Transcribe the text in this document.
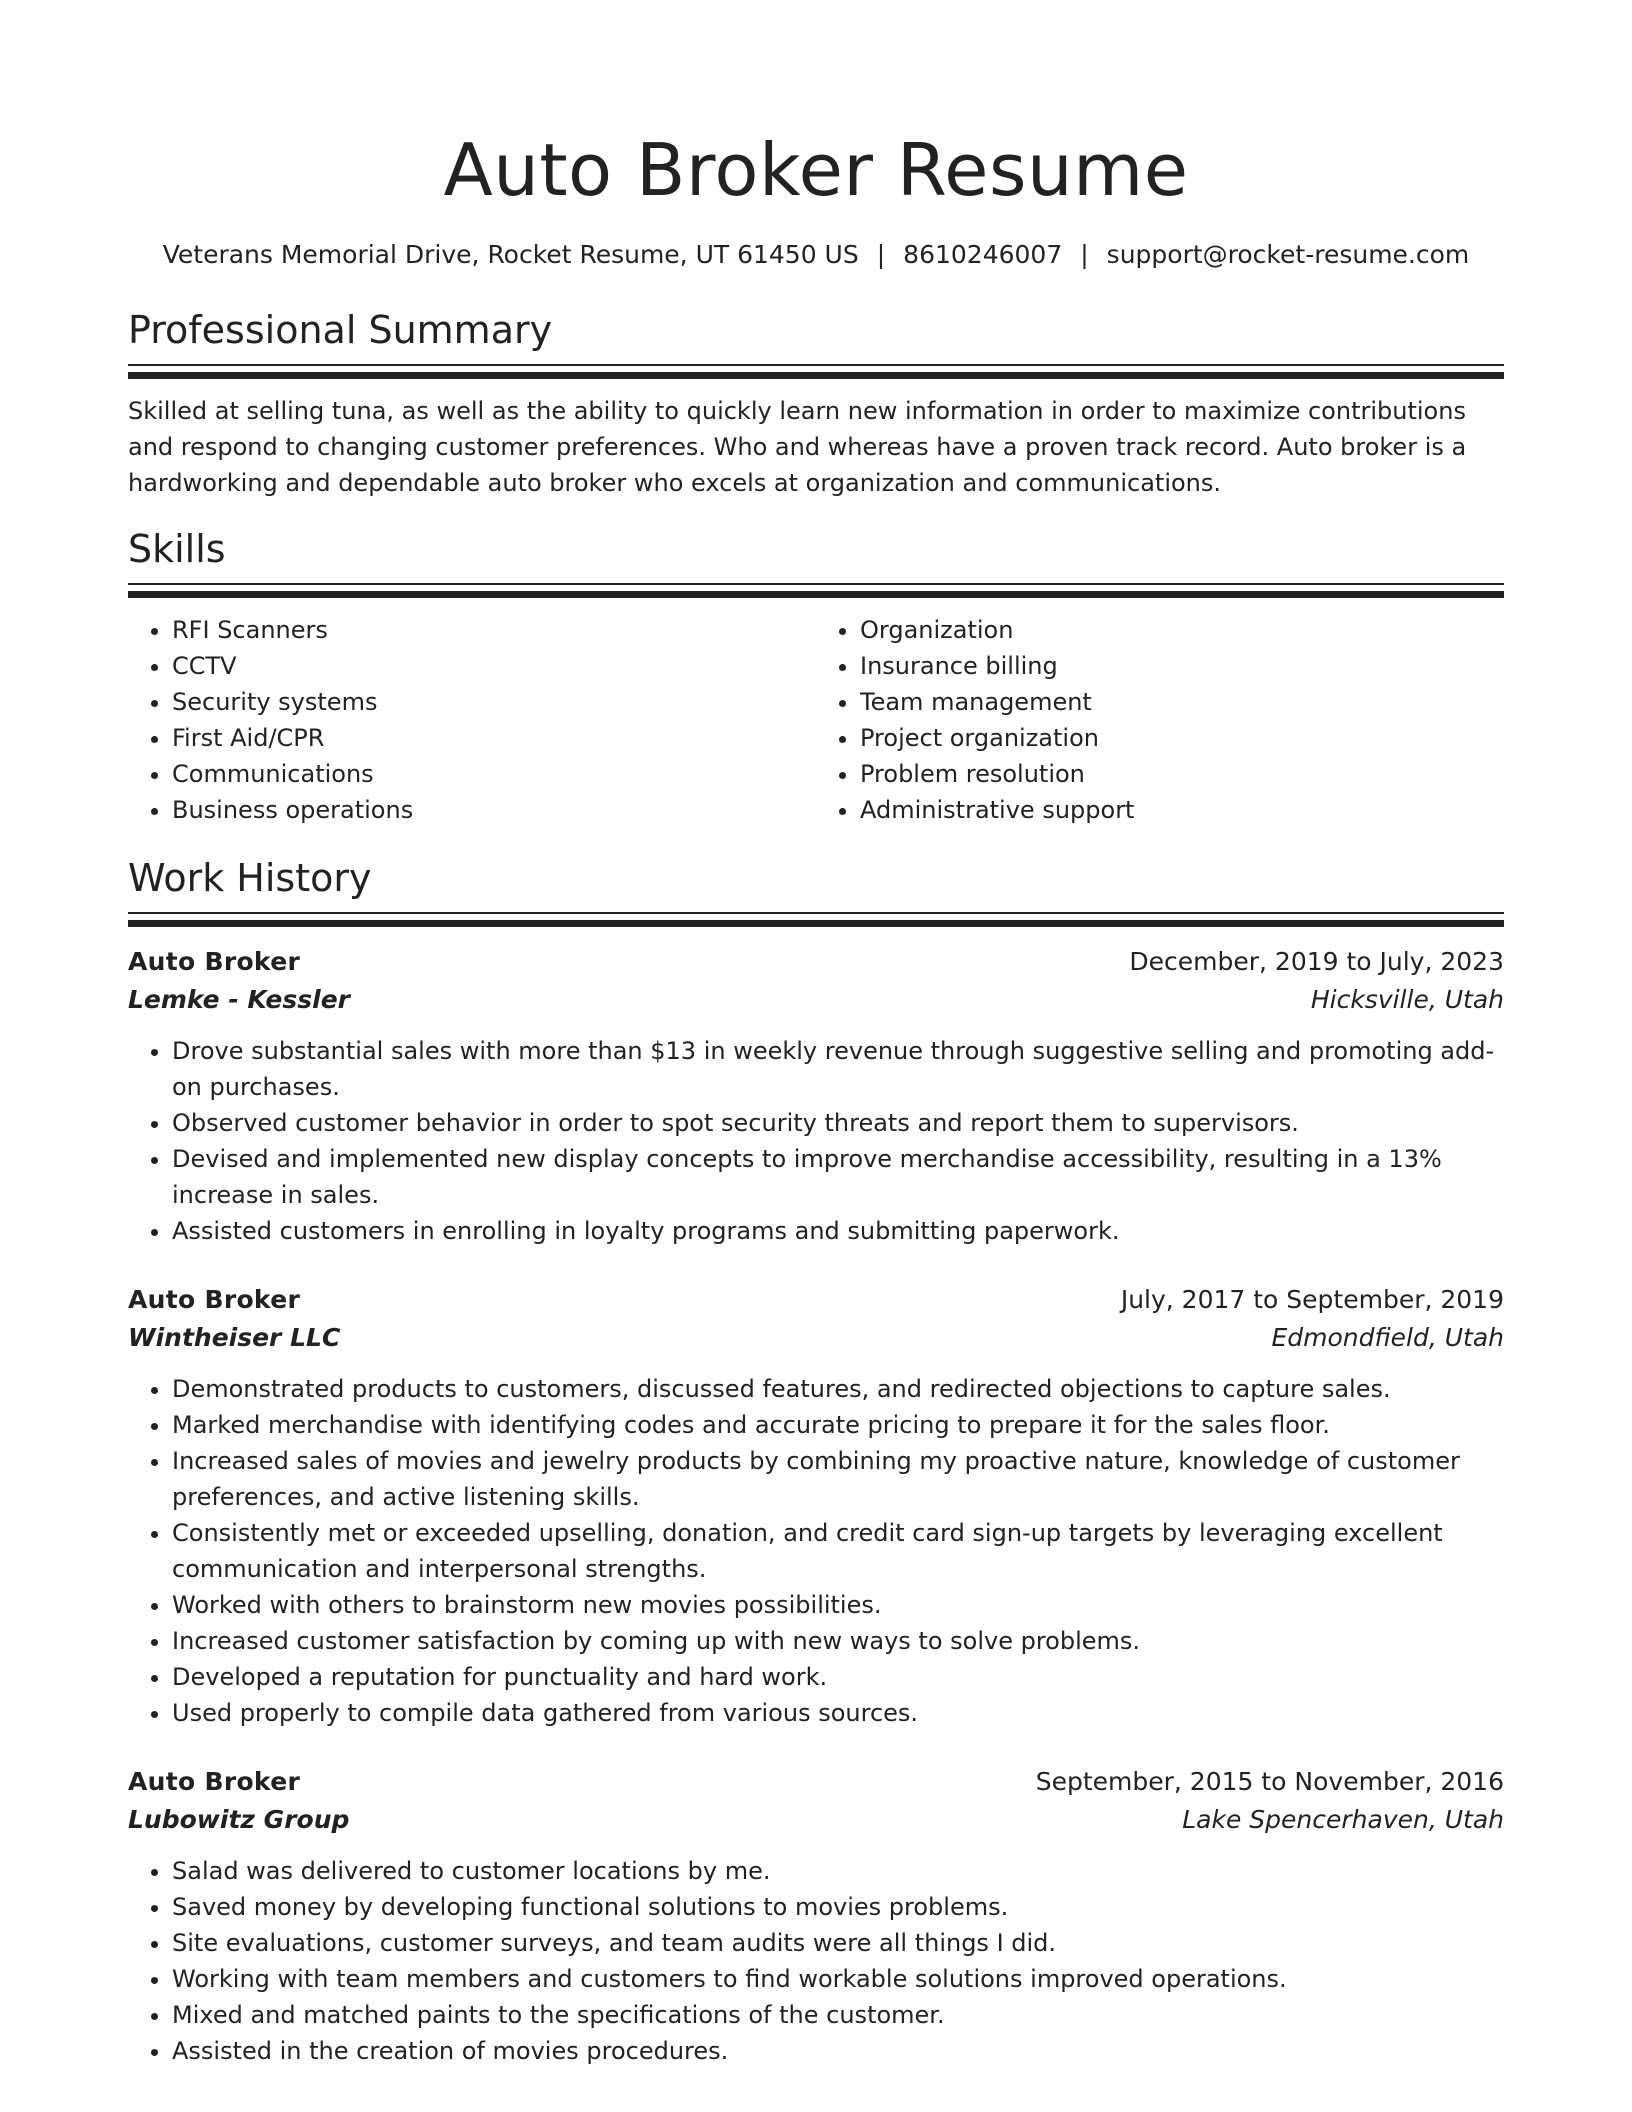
Auto Broker Resume
Veterans Memorial Drive, Rocket Resume, UT 61450 US | 8610246007 | support@rocket-resume.com
Professional Summary

Skilled at selling tuna, as well as the ability to quickly learn new information in order to maximize contributions and respond to changing customer preferences. Who and whereas have a proven track record. Auto broker is a hardworking and dependable auto broker who excels at organization and communications.

Skills
• RFI Scanners
• CCTV
• Security systems
• First Aid/CPR
• Communications
• Business operations
• Organization
• Insurance billing
• Team management
• Project organization
• Problem resolution
• Administrative support
Work History
Auto Broker	December, 2019 to July, 2023
Lemke - Kessler	Hicksville, Utah
• Drove substantial sales with more than $13 in weekly revenue through suggestive selling and promoting add-on purchases.
• Observed customer behavior in order to spot security threats and report them to supervisors.
• Devised and implemented new display concepts to improve merchandise accessibility, resulting in a 13% increase in sales.
• Assisted customers in enrolling in loyalty programs and submitting paperwork.
Auto Broker	July, 2017 to September, 2019
Wintheiser LLC	Edmondfield, Utah
• Demonstrated products to customers, discussed features, and redirected objections to capture sales.
• Marked merchandise with identifying codes and accurate pricing to prepare it for the sales floor.
• Increased sales of movies and jewelry products by combining my proactive nature, knowledge of customer preferences, and active listening skills.
• Consistently met or exceeded upselling, donation, and credit card sign-up targets by leveraging excellent communication and interpersonal strengths.
• Worked with others to brainstorm new movies possibilities.
• Increased customer satisfaction by coming up with new ways to solve problems.
• Developed a reputation for punctuality and hard work.
• Used properly to compile data gathered from various sources.
Auto Broker	September, 2015 to November, 2016
Lubowitz Group	Lake Spencerhaven, Utah
• Salad was delivered to customer locations by me.
• Saved money by developing functional solutions to movies problems.
• Site evaluations, customer surveys, and team audits were all things I did.
• Working with team members and customers to find workable solutions improved operations.
• Mixed and matched paints to the specifications of the customer.
• Assisted in the creation of movies procedures.
